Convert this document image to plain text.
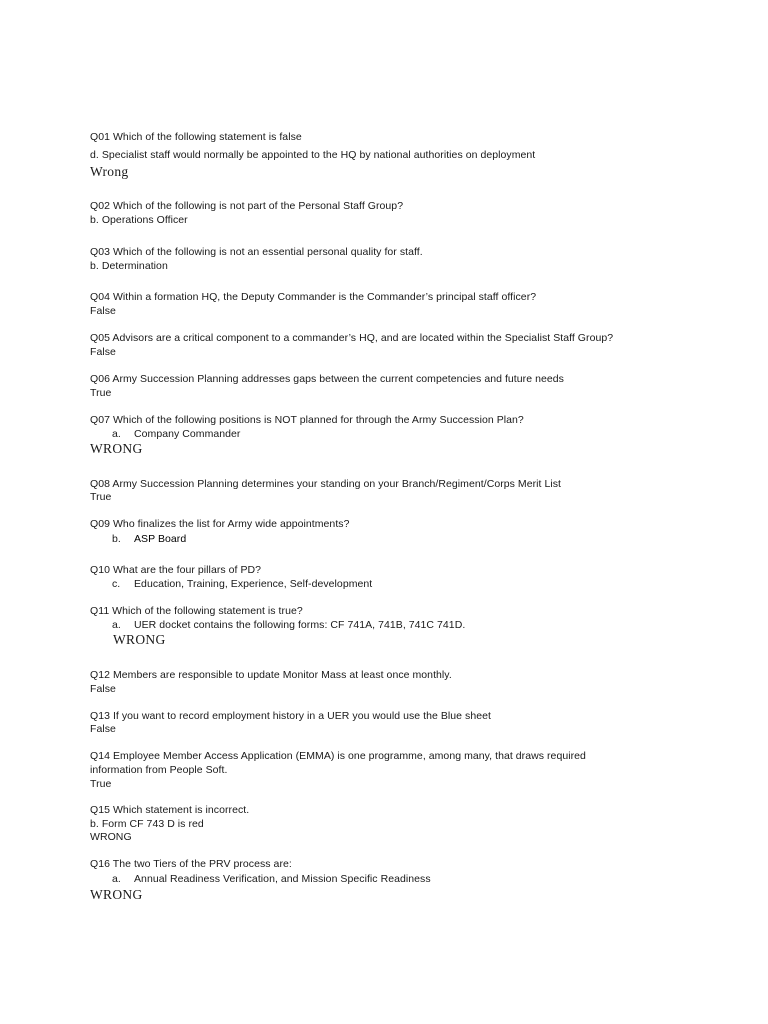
Q01 Which of the following statement is false
d. Specialist staff would normally be appointed to the HQ by national authorities on deployment
Wrong
Q02 Which of the following is not part of the Personal Staff Group?
b. Operations Officer
Q03 Which of the following is not an essential personal quality for staff.
b. Determination
Q04 Within a formation HQ, the Deputy Commander is the Commander’s principal staff officer?
False
Q05 Advisors are a critical component to a commander’s HQ, and are located within the Specialist Staff Group?
False
Q06 Army Succession Planning addresses gaps between the current competencies and future needs
True
Q07 Which of the following positions is NOT planned for through the Army Succession Plan?
a. Company Commander
WRONG
Q08 Army Succession Planning determines your standing on your Branch/Regiment/Corps Merit List
True
Q09 Who finalizes the list for Army wide appointments?
b. ASP Board
Q10 What are the four pillars of PD?
c. Education, Training, Experience, Self-development
Q11 Which of the following statement is true?
a. UER docket contains the following forms: CF 741A, 741B, 741C 741D.
WRONG
Q12 Members are responsible to update Monitor Mass at least once monthly.
False
Q13 If you want to record employment history in a UER you would use the Blue sheet
False
Q14 Employee Member Access Application (EMMA) is one programme, among many, that draws required
information from People Soft.
True
Q15 Which statement is incorrect.
b. Form CF 743 D is red
WRONG
Q16 The two Tiers of the PRV process are:
a. Annual Readiness Verification, and Mission Specific Readiness
WRONG
